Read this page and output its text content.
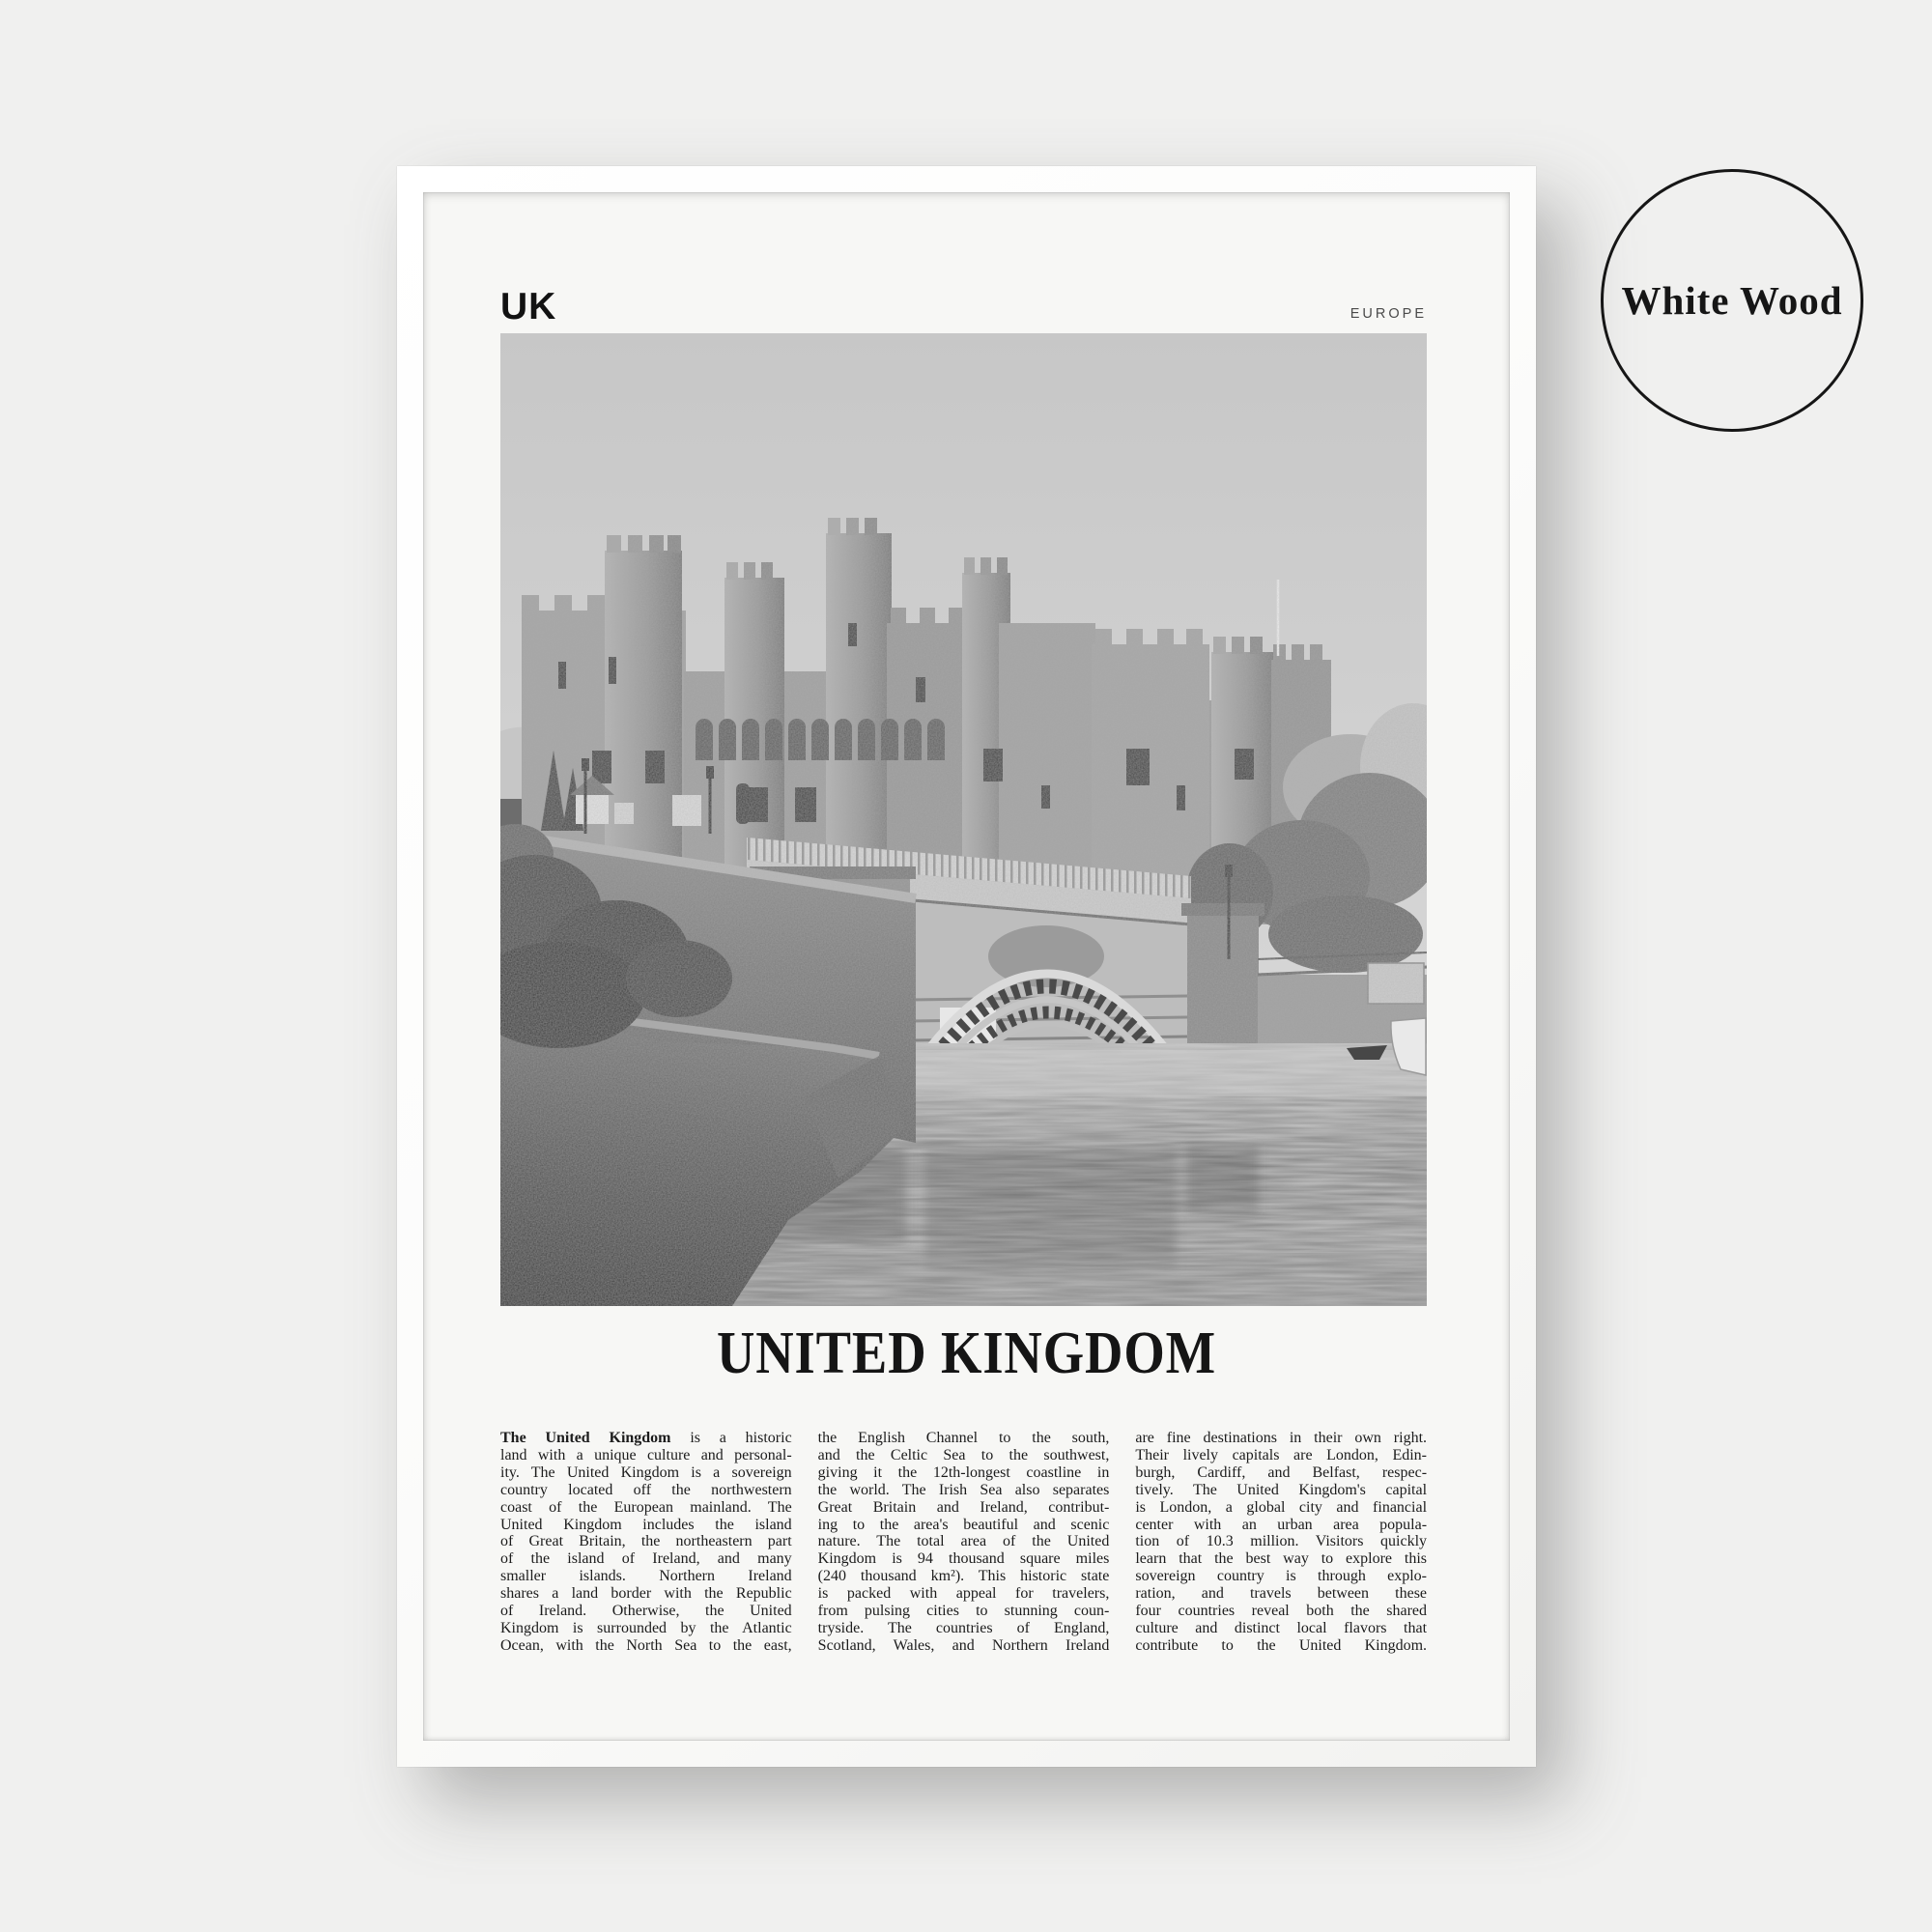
UK	EUROPE
UNITED KINGDOM
The United Kingdom is a historic
land with a unique culture and personal-
ity. The United Kingdom is a sovereign
country located off the northwestern
coast of the European mainland. The
United Kingdom includes the island
of Great Britain, the northeastern part
of the island of Ireland, and many
smaller islands. Northern Ireland
shares a land border with the Republic
of Ireland. Otherwise, the United
Kingdom is surrounded by the Atlantic
Ocean, with the North Sea to the east,
the English Channel to the south,
and the Celtic Sea to the southwest,
giving it the 12th-longest coastline in
the world. The Irish Sea also separates
Great Britain and Ireland, contribut-
ing to the area's beautiful and scenic
nature. The total area of the United
Kingdom is 94 thousand square miles
(240 thousand km²). This historic state
is packed with appeal for travelers,
from pulsing cities to stunning coun-
tryside. The countries of England,
Scotland, Wales, and Northern Ireland
are fine destinations in their own right.
Their lively capitals are London, Edin-
burgh, Cardiff, and Belfast, respec-
tively. The United Kingdom's capital
is London, a global city and financial
center with an urban area popula-
tion of 10.3 million. Visitors quickly
learn that the best way to explore this
sovereign country is through explo-
ration, and travels between these
four countries reveal both the shared
culture and distinct local flavors that
contribute to the United Kingdom.
White Wood
